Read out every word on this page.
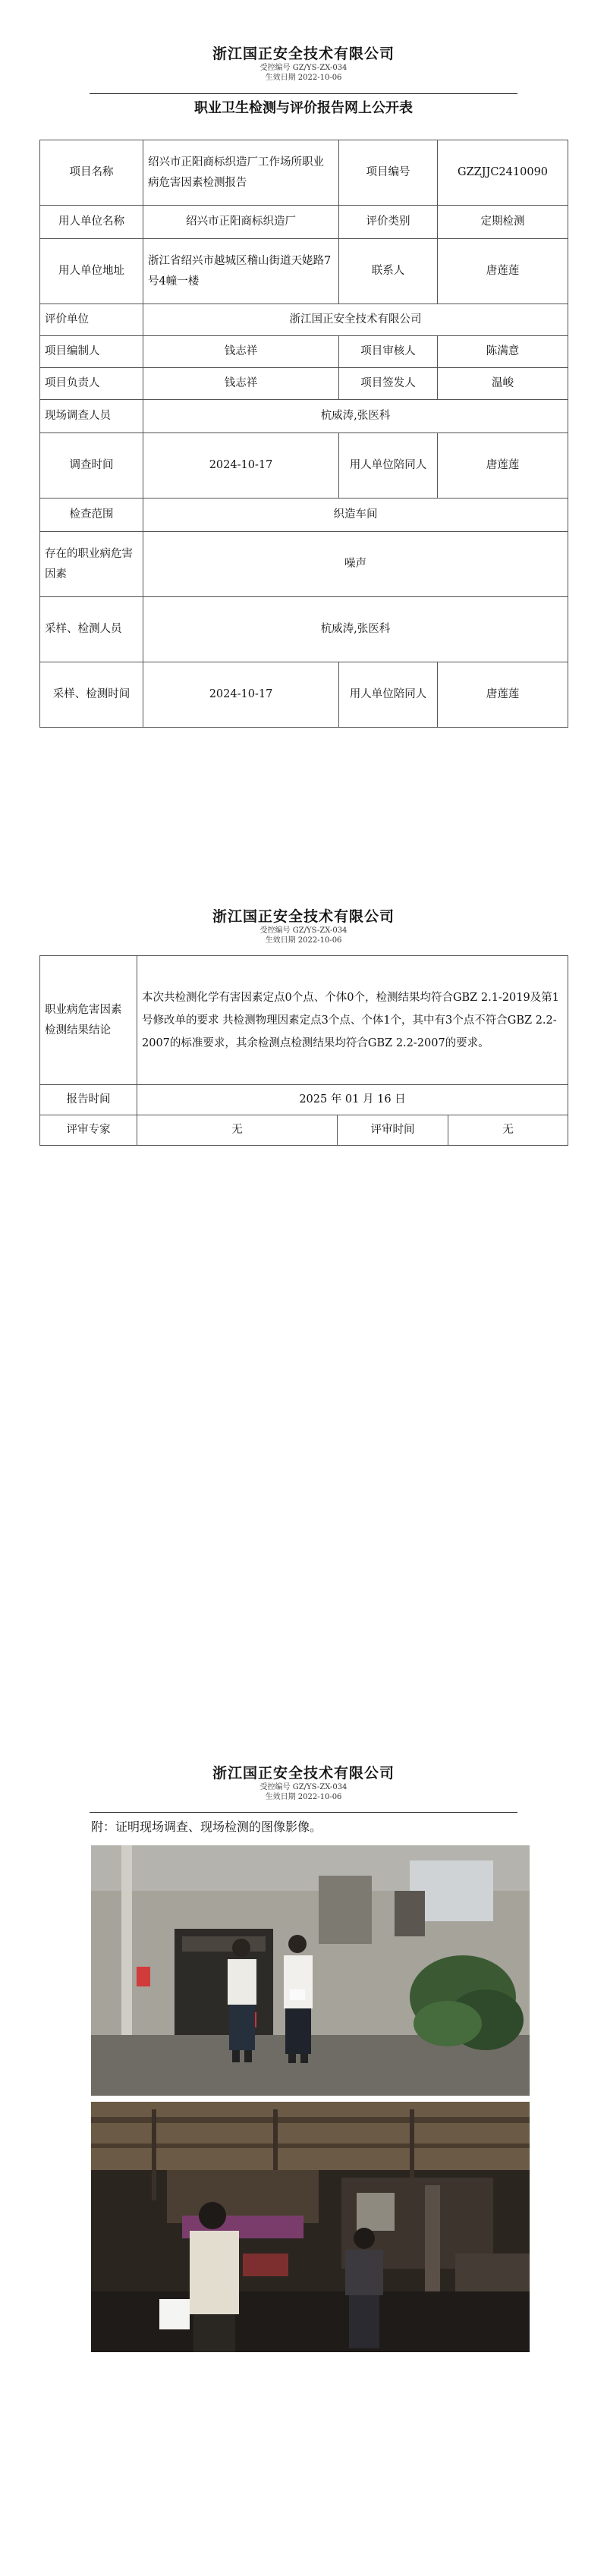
浙江国正安全技术有限公司
受控编号 GZ/YS-ZX-034
生效日期 2022-10-06
职业卫生检测与评价报告网上公开表
项目名称	绍兴市正阳商标织造厂工作场所职业病危害因素检测报告	项目编号	GZZJJC2410090
用人单位名称	绍兴市正阳商标织造厂	评价类别	定期检测
用人单位地址	浙江省绍兴市越城区稽山街道天姥路7号4幢一楼	联系人	唐莲莲
评价单位	浙江国正安全技术有限公司		
项目编制人	钱志祥	项目审核人	陈满意
项目负责人	钱志祥	项目签发人	温峻
现场调查人员	杭威涛,张医科		
调查时间	2024-10-17	用人单位陪同人	唐莲莲
检查范围	织造车间		
存在的职业病危害因素	噪声		
采样、检测人员	杭威涛,张医科		
采样、检测时间	2024-10-17	用人单位陪同人	唐莲莲
浙江国正安全技术有限公司
受控编号 GZ/YS-ZX-034
生效日期 2022-10-06
职业病危害因素检测结果结论	本次共检测化学有害因素定点0个点、个体0个，检测结果均符合GBZ 2.1-2019及第1号修改单的要求 共检测物理因素定点3个点、个体1个，其中有3个点不符合GBZ 2.2-2007的标准要求，其余检测点检测结果均符合GBZ 2.2-2007的要求。		
报告时间	2025 年 01 月 16 日		
评审专家	无	评审时间	无
浙江国正安全技术有限公司
受控编号 GZ/YS-ZX-034
生效日期 2022-10-06
附：证明现场调查、现场检测的图像影像。
